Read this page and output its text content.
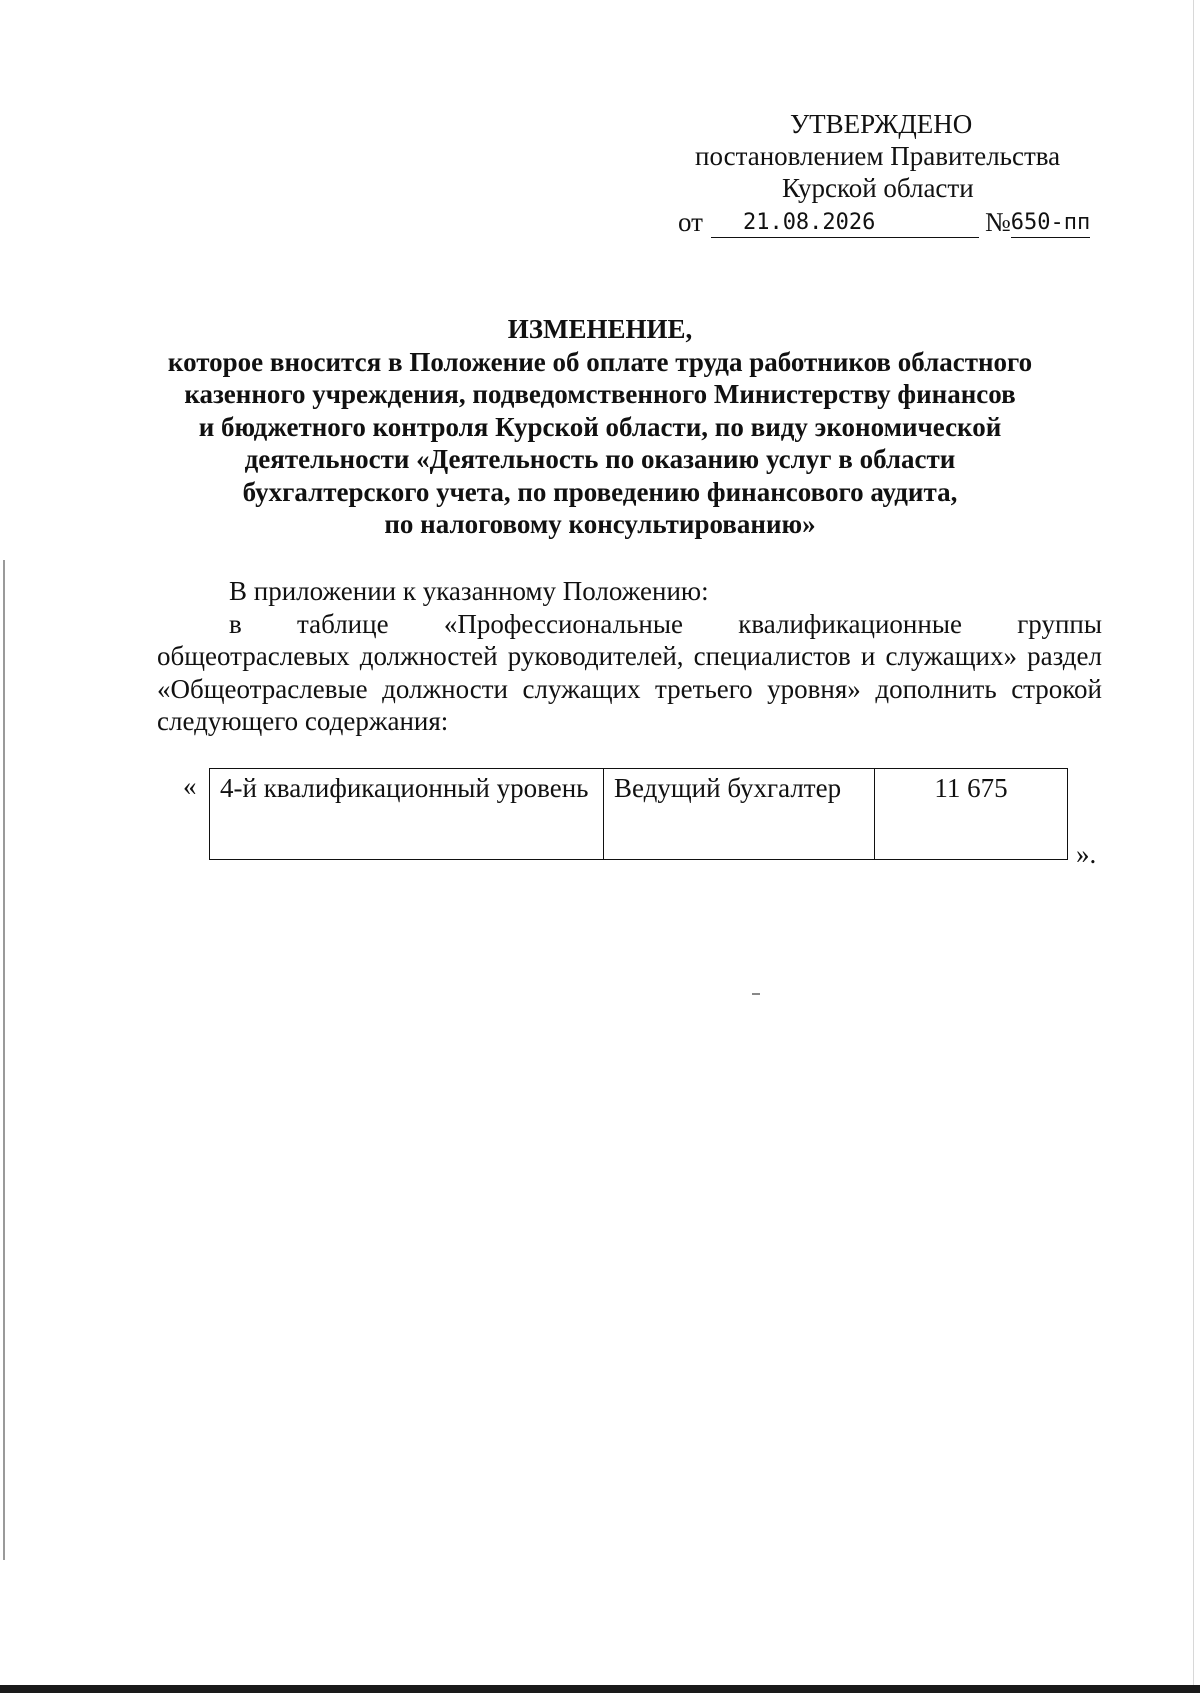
УТВЕРЖДЕНО
постановлением Правительства
Курской области
от	21.08.2026	№ 650-пп
ИЗМЕНЕНИЕ,
которое вносится в Положение об оплате труда работников областного
казенного учреждения, подведомственного Министерству финансов
и бюджетного контроля Курской области, по виду экономической
деятельности «Деятельность по оказанию услуг в области
бухгалтерского учета, по проведению финансового аудита,
по налоговому консультированию»

В приложении к указанному Положению:

в таблице «Профессиональные квалификационные группы общеотраслевых должностей руководителей, специалистов и служащих» раздел «Общеотраслевые должности служащих третьего уровня» дополнить строкой следующего содержания:

« 4-й квалификационный уровень	Ведущий бухгалтер	11 675
».
